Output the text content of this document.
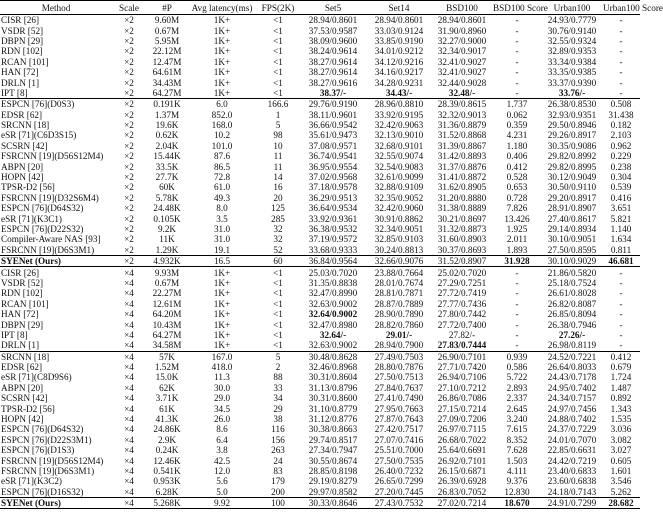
Method	Scale	#P	Avg latency(ms)	FPS(2K)	Set5	Set14	BSD100	BSD100 Score	Urban100	Urban100 Score
CISR [26]	×2	9.60M	1K+	<1	28.94/0.8601	28.94/0.8601	28.94/0.8601	-	24.93/0.7779	-
VSDR [52]	×2	0.67M	1K+	<1	37.53/0.9587	33.03/0.9124	31.90/0.8960	-	30.76/0.9140	-
DBPN [29]	×2	5.95M	1K+	<1	38.09/0.9600	33.85/0.9190	32.27/0.9000	-	32.55/0.9324	-
RDN [102]	×2	22.12M	1K+	<1	38.24/0.9614	34.01/0.9212	32.34/0.9017	-	32.89/0.9353	-
RCAN [101]	×2	12.47M	1K+	<1	38.27/0.9614	34.12/0.9216	32.41/0.9027	-	33.34/0.9384	-
HAN [72]	×2	64.61M	1K+	<1	38.27/0.9614	34.16/0.9217	32.41/0.9027	-	33.35/0.9385	-
DRLN [1]	×2	34.43M	1K+	<1	38.27/0.9616	34.28/0.9231	32.44/0.9028	-	33.37/0.9390	-
IPT [8]	×2	64.27M	1K+	<1	38.37/-	34.43/-	32.48/-	-	33.76/-	-
ESPCN [76](D0S3)	×2	0.191K	6.0	166.6	29.76/0.9190	28.96/0.8810	28.39/0.8615	1.737	26.38/0.8530	0.508
EDSR [62]	×2	1.37M	852.0	1	38.11/0.9601	33.92/0.9195	32.32/0.9013	0.062	32.93/0.9351	31.438
SRCNN [18]	×2	19.6K	168.0	5	36.66/0.9542	32.42/0.9063	31.36/0.8879	0.359	29.50/0.8946	0.182
eSR [71](C6D3S15)	×2	0.62K	10.2	98	35.61/0.9473	32.13/0.9010	31.52/0.8868	4.231	29.26/0.8917	2.103
SCSRN [42]	×2	2.04K	101.0	10	37.08/0.9571	32.68/0.9101	31.39/0.8867	1.180	30.35/0.9086	0.962
FSRCNN [19](D56S12M4)	×2	15.44K	87.6	11	36.74/0.9541	32.55/0.9074	31.42/0.8893	0.406	29.82/0.8992	0.229
ABPN [20]	×2	33.5K	86.5	11	36.95/0.9554	32.54/0.9083	31.37/0.8876	0.412	29.82/0.8995	0.238
HOPN [42]	×2	27.7K	72.8	14	37.02/0.9568	32.61/0.9099	31.41/0.8872	0.528	30.12/0.9049	0.304
TPSR-D2 [56]	×2	60K	61.0	16	37.18/0.9578	32.88/0.9109	31.62/0.8905	0.653	30.50/0.9110	0.539
FSRCNN [19](D32S6M4)	×2	5.78K	49.3	20	36.29/0.9513	32.35/0.9052	31.20/0.8880	0.728	29.20/0.8917	0.416
ESPCN [76](D64S32)	×2	24.48K	8.0	125	36.64/0.9534	32.42/0.9060	31.38/0.8889	7.826	28.91/0.8907	3.651
eSR [71](K3C1)	×2	0.105K	3.5	285	33.92/0.9361	30.91/0.8862	30.21/0.8697	13.426	27.40/0.8617	5.821
ESPCN [76](D22S32)	×2	9.2K	31.0	32	36.38/0.9532	32.34/0.9051	31.32/0.8873	1.925	29.14/0.8934	1.140
Compiler-Aware NAS [93]	×2	11K	31.0	32	37.19/0.9572	32.85/0.9103	31.60/0.8903	2.011	30.10/0.9051	1.634
FSRCNN [19](D6S3M1)	×2	1.29K	19.1	52	33.68/0.9333	30.24/0.8813	30.37/0.8693	1.893	27.50/0.8595	0.811
SYENet (Ours)	×2	4.932K	16.5	60	36.84/0.9564	32.66/0.9076	31.52/0.8907	31.928	30.10/0.9029	46.681
CISR [26]	×4	9.93M	1K+	<1	25.03/0.7020	23.88/0.7664	25.02/0.7020	-	21.86/0.5820	-
VSDR [52]	×4	0.67M	1K+	<1	31.35/0.8838	28.01/0.7674	27.29/0.7251	-	25.18/0.7524	-
RDN [102]	×4	22.27M	1K+	<1	32.47/0.8990	28.81/0.7871	27.72/0.7419	-	26.61/0.8028	-
RCAN [101]	×4	12.61M	1K+	<1	32.63/0.9002	28.87/0.7889	27.77/0.7436	-	26.82/0.8087	-
HAN [72]	×4	64.20M	1K+	<1	32.64/0.9002	28.90/0.7890	27.80/0.7442	-	26.85/0.8094	-
DBPN [29]	×4	10.43M	1K+	<1	32.47/0.8980	28.82/0.7860	27.72/0.7400	-	26.38/0.7946	-
IPT [8]	×4	64.27M	1K+	<1	32.64/-	29.01/-	27.82/-	-	27.26/-	-
DRLN [1]	×4	34.58M	1K+	<1	32.63/0.9002	28.94/0.7900	27.83/0.7444	-	26.98/0.8119	-
SRCNN [18]	×4	57K	167.0	5	30.48/0.8628	27.49/0.7503	26.90/0.7101	0.939	24.52/0.7221	0.412
EDSR [62]	×4	1.52M	418.0	2	32.46/0.8968	28.80/0.7876	27.71/0.7420	0.586	26.64/0.8033	0.679
eSR [71](C8D9S6)	×4	15.0K	11.3	88	30.31/0.8604	27.50/0.7513	26.94/0.7106	5.722	24.43/0.7178	1.724
ABPN [20]	×4	62K	30.0	33	31.13/0.8796	27.84/0.7637	27.10/0.7212	2.893	24.95/0.7402	1.487
SCSRN [42]	×4	3.71K	29.0	34	30.31/0.8600	27.41/0.7490	26.86/0.7086	2.337	24.34/0.7157	0.892
TPSR-D2 [56]	×4	61K	34.5	29	31.10/0.8779	27.95/0.7663	27.15/0.7214	2.645	24.97/0.7456	1.343
HOPN [42]	×4	41.3K	26.0	38	31.12/0.8776	27.87/0.7643	27.09/0.7206	3.240	24.88/0.7402	1.535
ESPCN [76](D64S32)	×4	24.86K	8.6	116	30.38/0.8663	27.42/0.7517	26.97/0.7115	7.615	24.37/0.7229	3.036
ESPCN [76](D22S3M1)	×4	2.9K	6.4	156	29.74/0.8517	27.07/0.7416	26.68/0.7022	8.352	24.01/0.7070	3.082
ESPCN [76](D1S3)	×4	0.24K	3.8	263	27.34/0.7947	25.51/0.7000	25.64/0.6691	7.628	22.85/0.6631	3.027
FSRCNN [19](D56S12M4)	×4	12.46K	42.5	24	30.55/0.8674	27.50/0.7535	26.92/0.7101	1.503	24.42/0.7219	0.605
FSRCNN [19](D6S3M1)	×4	0.541K	12.0	83	28.85/0.8198	26.40/0.7232	26.15/0.6871	4.111	23.40/0.6833	1.601
eSR [71](K3C2)	×4	0.953K	5.6	179	29.19/0.8279	26.65/0.7299	26.39/0.6928	9.376	23.60/0.6838	3.546
ESPCN [76](D16S32)	×4	6.28K	5.0	200	29.97/0.8582	27.20/0.7445	26.83/0.7052	12.830	24.18/0.7143	5.262
SYENet (Ours)	×4	5.268K	9.92	100	30.33/0.8646	27.43/0.7532	27.02/0.7214	18.670	24.91/0.7299	28.682
